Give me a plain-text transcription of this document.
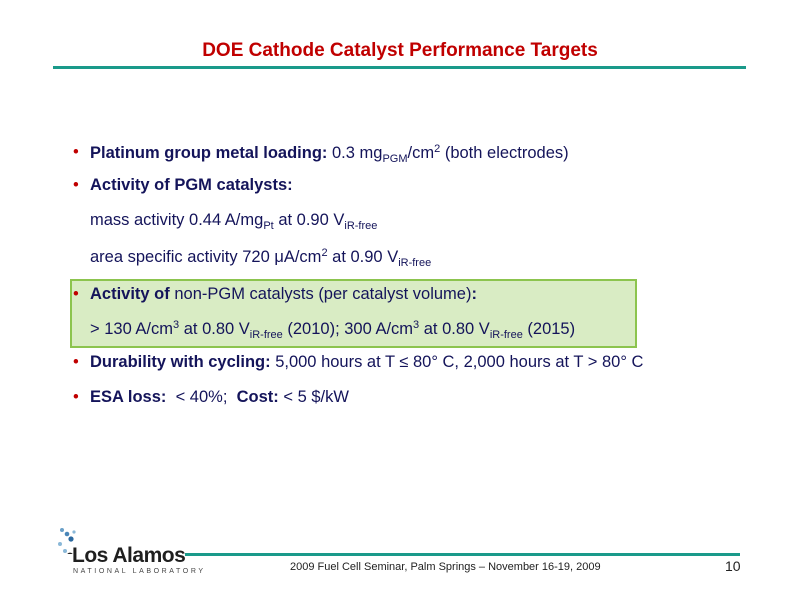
DOE Cathode Catalyst Performance Targets
• Platinum group metal loading: 0.3 $mg_{PGM}/cm^2$ (both electrodes)
• Activity of PGM catalysts:
mass activity 0.44 $A/mg_{Pt}$ at 0.90 $V_{iR-free}$
area specific activity 720 $\mu A/cm^2$ at 0.90 $V_{iR-free}$
• Activity of non-PGM catalysts (per catalyst volume):
> 130 $A/cm^3$ at 0.80 $V_{iR-free}$ (2010); 300 $A/cm^3$ at 0.80 $V_{iR-free}$ (2015)
• Durability with cycling: 5,000 hours at T ≤ 80° C, 2,000 hours at T > 80° C
• ESA loss:  < 40%;  Cost: < 5 $/kW
Los Alamos
NATIONAL LABORATORY	2009 Fuel Cell Seminar, Palm Springs – November 16-19, 2009	10
